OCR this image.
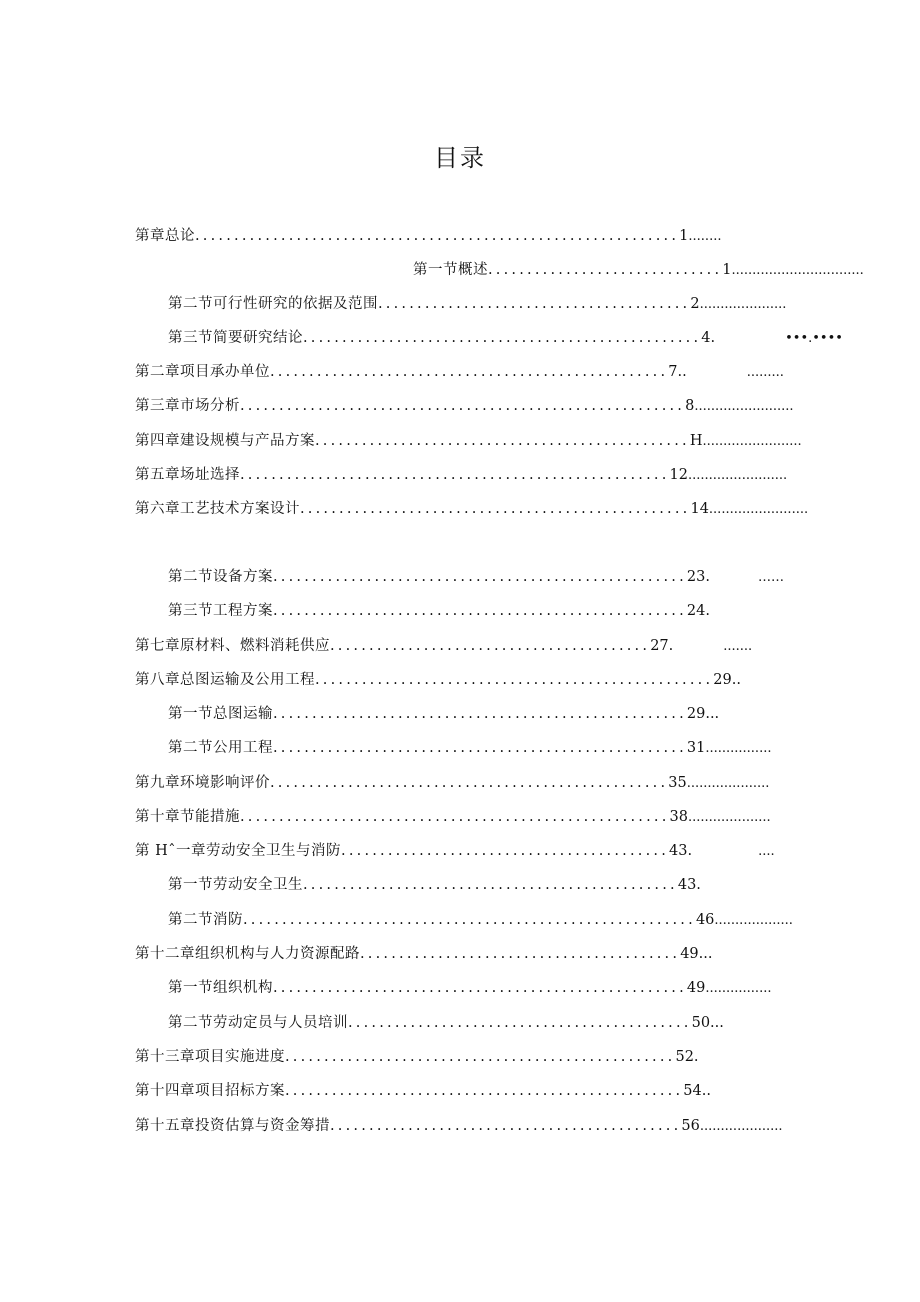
目录
第章总论..............................................................1........
第一节概述..............................1................................
第二节可行性研究的依据及范围........................................2.....................
第三节简要研究结论...................................................4.	•••.••••
第二章项目承办单位...................................................7..	.........
第三章市场分析.........................................................8........................
第四章建设规模与产品方案................................................H........................
第五章场址选择.......................................................12........................
第六章工艺技术方案设计..................................................14........................
第二节设备方案.....................................................23.	……
第三节工程方案.....................................................24.
第七章原材料、燃料消耗供应.........................................27.	.......
第八章总图运输及公用工程...................................................29..
第一节总图运输.....................................................29...
第二节公用工程.....................................................31................
第九章环境影响评价...................................................35....................
第十章节能措施.......................................................38....................
第 Hˆ一章劳动安全卫生与消防..........................................43.	....
第一节劳动安全卫生................................................43.
第二节消防..........................................................46...................
第十二章组织机构与人力资源配路.........................................49...
第一节组织机构.....................................................49................
第二节劳动定员与人员培训............................................50...
第十三章项目实施进度..................................................52.
第十四章项目招标方案...................................................54..
第十五章投资估算与资金筹措.............................................56....................
